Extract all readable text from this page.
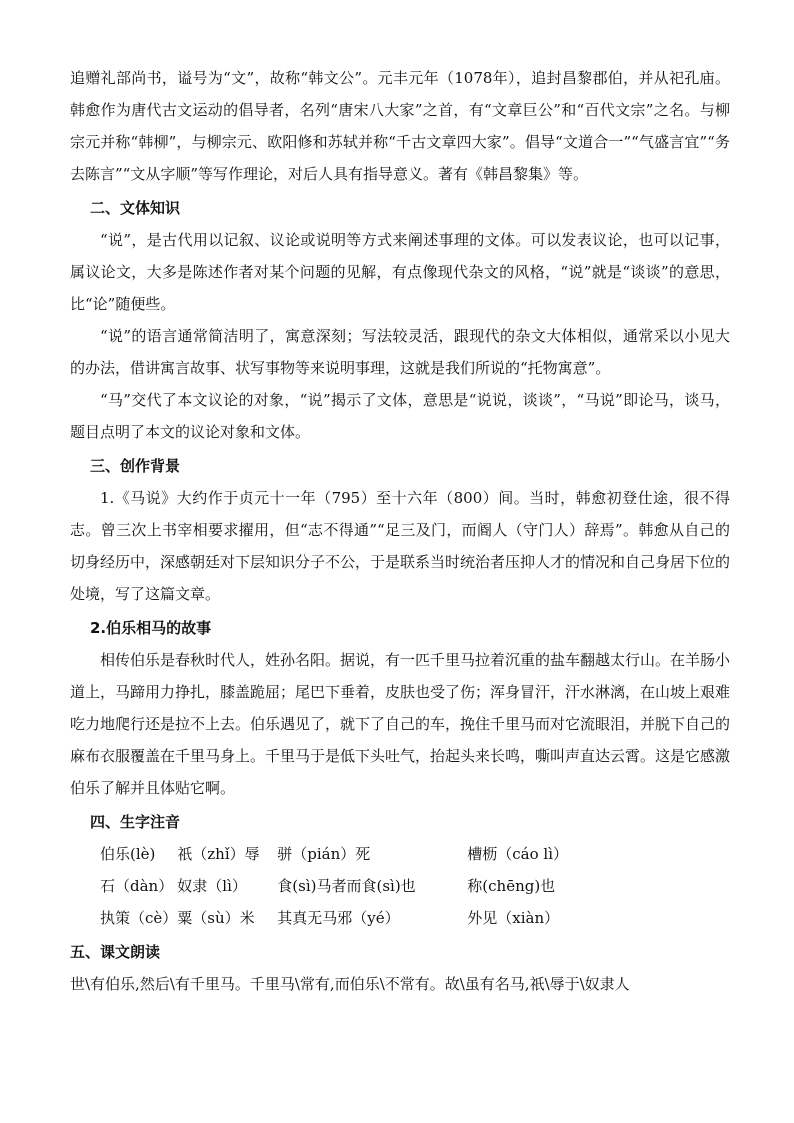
追赠礼部尚书，谥号为“文”，故称“韩文公”。元丰元年（1078年），追封昌黎郡伯，并从祀孔庙。韩愈作为唐代古文运动的倡导者，名列“唐宋八大家”之首，有“文章巨公”和“百代文宗”之名。与柳宗元并称“韩柳”，与柳宗元、欧阳修和苏轼并称“千古文章四大家”。倡导“文道合一”“气盛言宜”“务去陈言”“文从字顺”等写作理论，对后人具有指导意义。著有《韩昌黎集》等。

二、文体知识

“说”，是古代用以记叙、议论或说明等方式来阐述事理的文体。可以发表议论，也可以记事，属议论文，大多是陈述作者对某个问题的见解，有点像现代杂文的风格，“说”就是“谈谈”的意思，比“论”随便些。

“说”的语言通常简洁明了，寓意深刻；写法较灵活，跟现代的杂文大体相似，通常采以小见大的办法，借讲寓言故事、状写事物等来说明事理，这就是我们所说的“托物寓意”。

“马”交代了本文议论的对象，“说”揭示了文体，意思是“说说，谈谈”，“马说”即论马，谈马，题目点明了本文的议论对象和文体。

三、创作背景

1.《马说》大约作于贞元十一年（795）至十六年（800）间。当时，韩愈初登仕途，很不得志。曾三次上书宰相要求擢用，但“志不得通”“足三及门，而阍人（守门人）辞焉”。韩愈从自己的切身经历中，深感朝廷对下层知识分子不公，于是联系当时统治者压抑人才的情况和自己身居下位的处境，写了这篇文章。

2.伯乐相马的故事

相传伯乐是春秋时代人，姓孙名阳。据说，有一匹千里马拉着沉重的盐车翻越太行山。在羊肠小道上，马蹄用力挣扎，膝盖跪屈；尾巴下垂着，皮肤也受了伤；浑身冒汗，汗水淋漓，在山坡上艰难吃力地爬行还是拉不上去。伯乐遇见了，就下了自己的车，挽住千里马而对它流眼泪，并脱下自己的麻布衣服覆盖在千里马身上。千里马于是低下头吐气，抬起头来长鸣，嘶叫声直达云霄。这是它感激伯乐了解并且体贴它啊。

四、生字注音
伯乐(lè)	祇（zhǐ）辱	骈（pián）死	槽枥（cáo lì）
石（dàn）	奴隶（lì）	食(sì)马者而食(sì)也	称(chēng)也
执策（cè）	粟（sù）米	其真无马邪（yé）	外见（xiàn）
五、课文朗读

世\有伯乐,然后\有千里马。千里马\常有,而伯乐\不常有。故\虽有名马,祇\辱于\奴隶人
